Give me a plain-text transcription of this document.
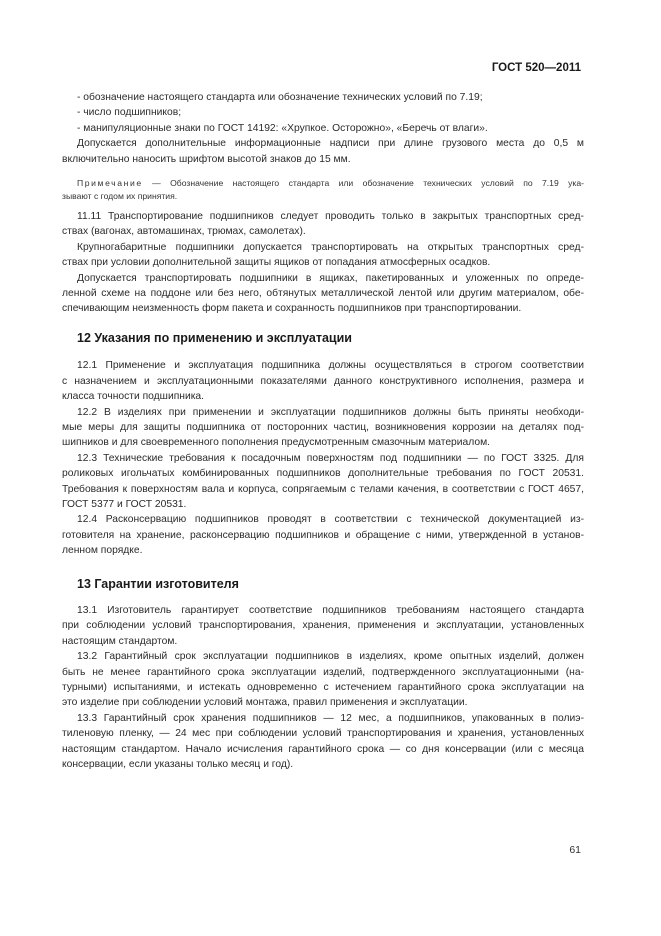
ГОСТ 520—2011
- обозначение настоящего стандарта или обозначение технических условий по 7.19;
- число подшипников;
- манипуляционные знаки по ГОСТ 14192: «Хрупкое. Осторожно», «Беречь от влаги».
Допускается дополнительные информационные надписи при длине грузового места до 0,5 м
включительно наносить шрифтом высотой знаков до 15 мм.
Примечание — Обозначение настоящего стандарта или обозначение технических условий по 7.19 ука-
зывают с годом их принятия.
11.11 Транспортирование подшипников следует проводить только в закрытых транспортных сред-
ствах (вагонах, автомашинах, трюмах, самолетах).
Крупногабаритные подшипники допускается транспортировать на открытых транспортных сред-
ствах при условии дополнительной защиты ящиков от попадания атмосферных осадков.
Допускается транспортировать подшипники в ящиках, пакетированных и уложенных по опреде-
ленной схеме на поддоне или без него, обтянутых металлической лентой или другим материалом, обе-
спечивающим неизменность форм пакета и сохранность подшипников при транспортировании.
12 Указания по применению и эксплуатации
12.1 Применение и эксплуатация подшипника должны осуществляться в строгом соответствии
с назначением и эксплуатационными показателями данного конструктивного исполнения, размера и
класса точности подшипника.
12.2 В изделиях при применении и эксплуатации подшипников должны быть приняты необходи-
мые меры для защиты подшипника от посторонних частиц, возникновения коррозии на деталях под-
шипников и для своевременного пополнения предусмотренным смазочным материалом.
12.3 Технические требования к посадочным поверхностям под подшипники — по ГОСТ 3325. Для
роликовых игольчатых комбинированных подшипников дополнительные требования по ГОСТ 20531.
Требования к поверхностям вала и корпуса, сопрягаемым с телами качения, в соответствии с ГОСТ 4657,
ГОСТ 5377 и ГОСТ 20531.
12.4 Расконсервацию подшипников проводят в соответствии с технической документацией из-
готовителя на хранение, расконсервацию подшипников и обращение с ними, утвержденной в установ-
ленном порядке.
13 Гарантии изготовителя
13.1 Изготовитель гарантирует соответствие подшипников требованиям настоящего стандарта
при соблюдении условий транспортирования, хранения, применения и эксплуатации, установленных
настоящим стандартом.
13.2 Гарантийный срок эксплуатации подшипников в изделиях, кроме опытных изделий, должен
быть не менее гарантийного срока эксплуатации изделий, подтвержденного эксплуатационными (на-
турными) испытаниями, и истекать одновременно с истечением гарантийного срока эксплуатации на
это изделие при соблюдении условий монтажа, правил применения и эксплуатации.
13.3 Гарантийный срок хранения подшипников — 12 мес, а подшипников, упакованных в полиэ-
тиленовую пленку, — 24 мес при соблюдении условий транспортирования и хранения, установленных
настоящим стандартом. Начало исчисления гарантийного срока — со дня консервации (или с месяца
консервации, если указаны только месяц и год).
61
